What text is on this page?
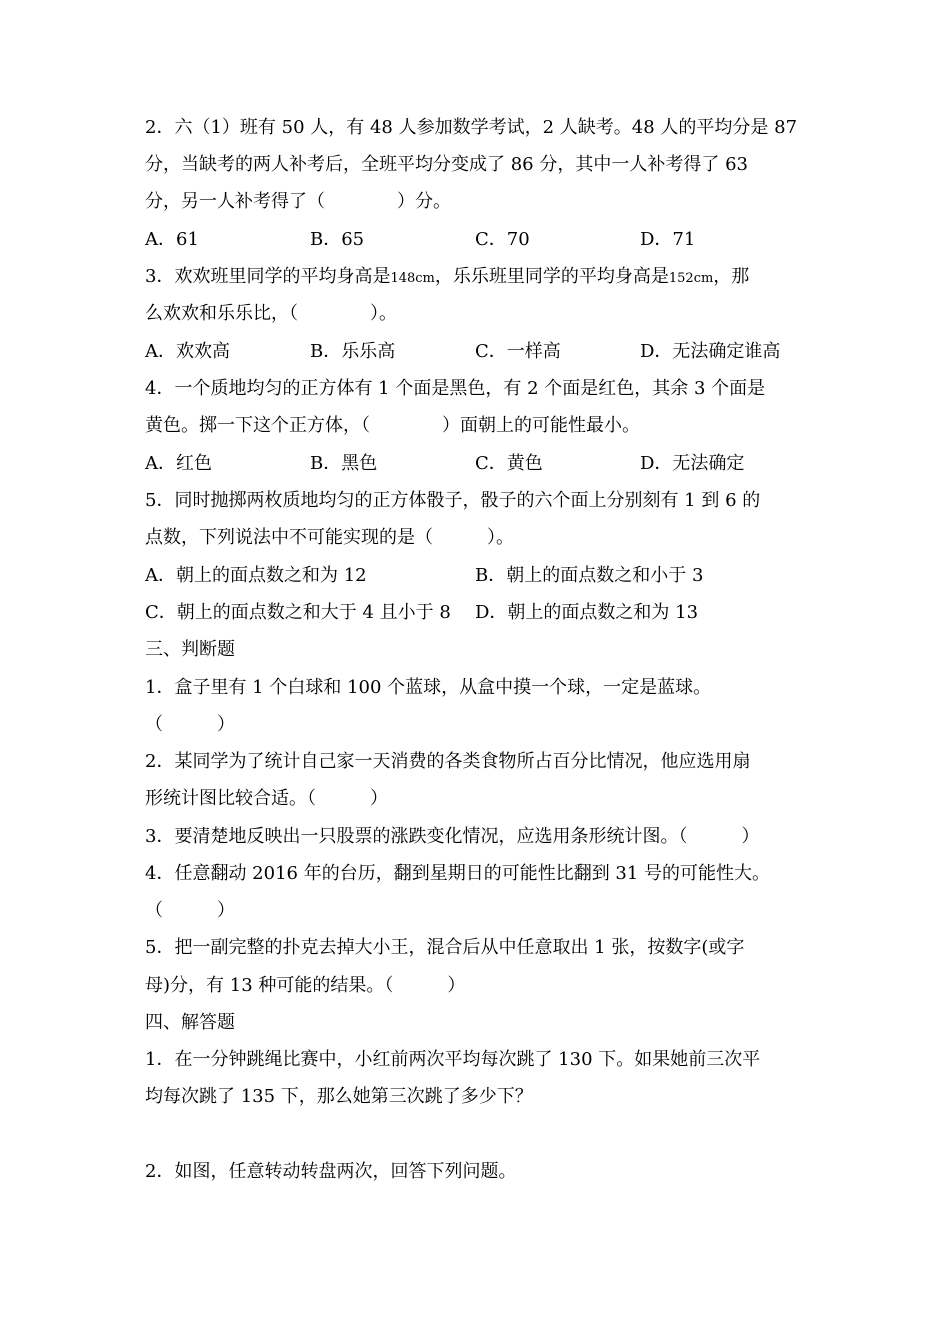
2．六（1）班有 50 人，有 48 人参加数学考试，2 人缺考。48 人的平均分是 87
分，当缺考的两人补考后，全班平均分变成了 86 分，其中一人补考得了 63
分，另一人补考得了（　　　　）分。
A．61	B．65	C．70	D．71
3．欢欢班里同学的平均身高是148cm，乐乐班里同学的平均身高是152cm，那
么欢欢和乐乐比，（　　　　）。
A．欢欢高	B．乐乐高	C．一样高	D．无法确定谁高
4．一个质地均匀的正方体有 1 个面是黑色，有 2 个面是红色，其余 3 个面是
黄色。掷一下这个正方体，（　　　　）面朝上的可能性最小。
A．红色	B．黑色	C．黄色	D．无法确定
5．同时抛掷两枚质地均匀的正方体骰子，骰子的六个面上分别刻有 1 到 6 的
点数，下列说法中不可能实现的是（　　　）。
A．朝上的面点数之和为 12	B．朝上的面点数之和小于 3
C．朝上的面点数之和大于 4 且小于 8 D．朝上的面点数之和为 13
三、判断题
1．盒子里有 1 个白球和 100 个蓝球，从盒中摸一个球，一定是蓝球。
（　　　）
2．某同学为了统计自己家一天消费的各类食物所占百分比情况，他应选用扇
形统计图比较合适。（　　　）
3．要清楚地反映出一只股票的涨跌变化情况，应选用条形统计图。（　　　）
4．任意翻动 2016 年的台历，翻到星期日的可能性比翻到 31 号的可能性大。
（　　　）
5．把一副完整的扑克去掉大小王，混合后从中任意取出 1 张，按数字(或字
母)分，有 13 种可能的结果。（　　　）
四、解答题
1．在一分钟跳绳比赛中，小红前两次平均每次跳了 130 下。如果她前三次平
均每次跳了 135 下，那么她第三次跳了多少下？
2．如图，任意转动转盘两次，回答下列问题。
